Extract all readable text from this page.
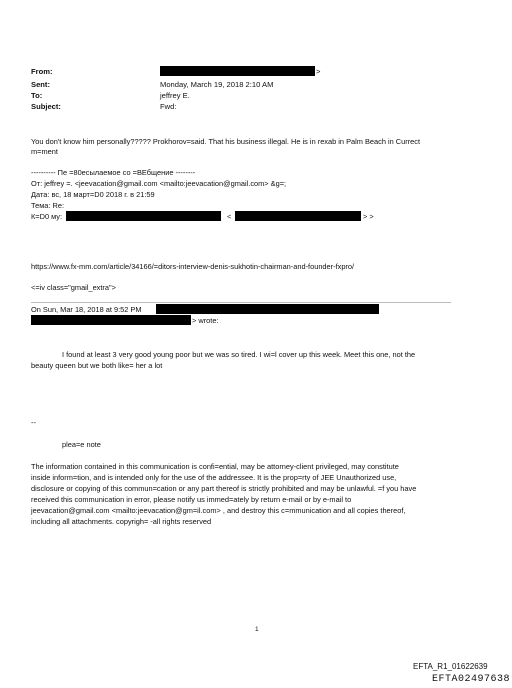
From:	>
Sent:	Monday, March 19, 2018 2:10 AM
To:	jeffrey E.
Subject:	Fwd:
You don't know him personally????? Prokhorov=said. That his business illegal. He is in rexab in Palm Beach in Currect
m=ment
---------- Пе =80есылаемое со =ВЕбщение --------
От: jeffrey =. <jeevacation@gmail.com <mailto:jeevacation@gmail.com> &g=;
Дата: вс, 18 март=D0 2018 г. в 21:59
Тема: Re:
К=D0 му:	<	> >
https://www.fx-mm.com/article/34166/=ditors-interview-denis-sukhotin-chairman-and-founder-fxpro/
<=iv class="gmail_extra">
On Sun, Mar 18, 2018 at 9:52 PM
> wrote:
I found at least 3 very good young poor but we was so tired. I wi=l cover up this week. Meet this one, not the
beauty queen but we both like= her a lot
--
plea=e note
The information contained in this communication is confi=ential, may be attorney-client privileged, may constitute
inside inform=tion, and is intended only for the use of the addressee. It is the prop=rty of JEE Unauthorized use,
disclosure or copying of this commun=cation or any part thereof is strictly prohibited and may be unlawful. =f you have
received this communication in error, please notify us immed=ately by return e-mail or by e-mail to
jeevacation@gmail.com <mailto:jeevacation@gm=il.com> , and destroy this c=mmunication and all copies thereof,
including all attachments. copyrigh= -all rights reserved
1
EFTA_R1_01622639
EFTA02497638
